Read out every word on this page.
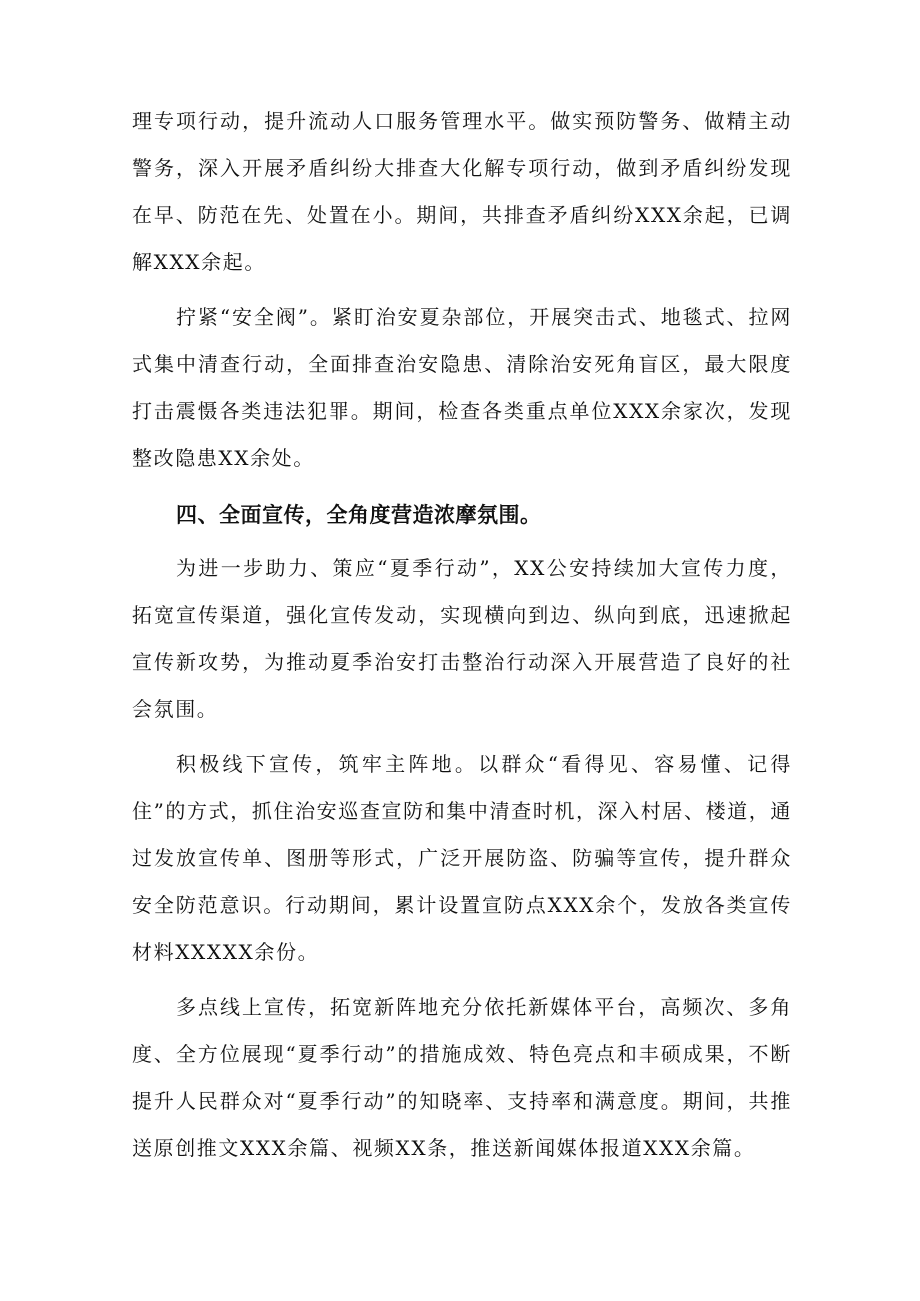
理专项行动，提升流动人口服务管理水平。做实预防警务、做精主动警务，深入开展矛盾纠纷大排查大化解专项行动，做到矛盾纠纷发现在早、防范在先、处置在小。期间，共排查矛盾纠纷XXX余起，已调解XXX余起。

拧紧“安全阀”。紧盯治安夏杂部位，开展突击式、地毯式、拉网式集中清查行动，全面排查治安隐患、清除治安死角盲区，最大限度打击震慑各类违法犯罪。期间，检查各类重点单位XXX余家次，发现整改隐患XX余处。

四、全面宣传，全角度营造浓摩氛围。

为进一步助力、策应“夏季行动”，XX公安持续加大宣传力度，拓宽宣传渠道，强化宣传发动，实现横向到边、纵向到底，迅速掀起宣传新攻势，为推动夏季治安打击整治行动深入开展营造了良好的社会氛围。

积极线下宣传，筑牢主阵地。以群众“看得见、容易懂、记得住”的方式，抓住治安巡查宣防和集中清查时机，深入村居、楼道，通过发放宣传单、图册等形式，广泛开展防盗、防骗等宣传，提升群众安全防范意识。行动期间，累计设置宣防点XXX余个，发放各类宣传材料XXXXX余份。

多点线上宣传，拓宽新阵地充分依托新媒体平台，高频次、多角度、全方位展现“夏季行动”的措施成效、特色亮点和丰硕成果，不断提升人民群众对“夏季行动”的知晓率、支持率和满意度。期间，共推送原创推文XXX余篇、视频XX条，推送新闻媒体报道XXX余篇。
